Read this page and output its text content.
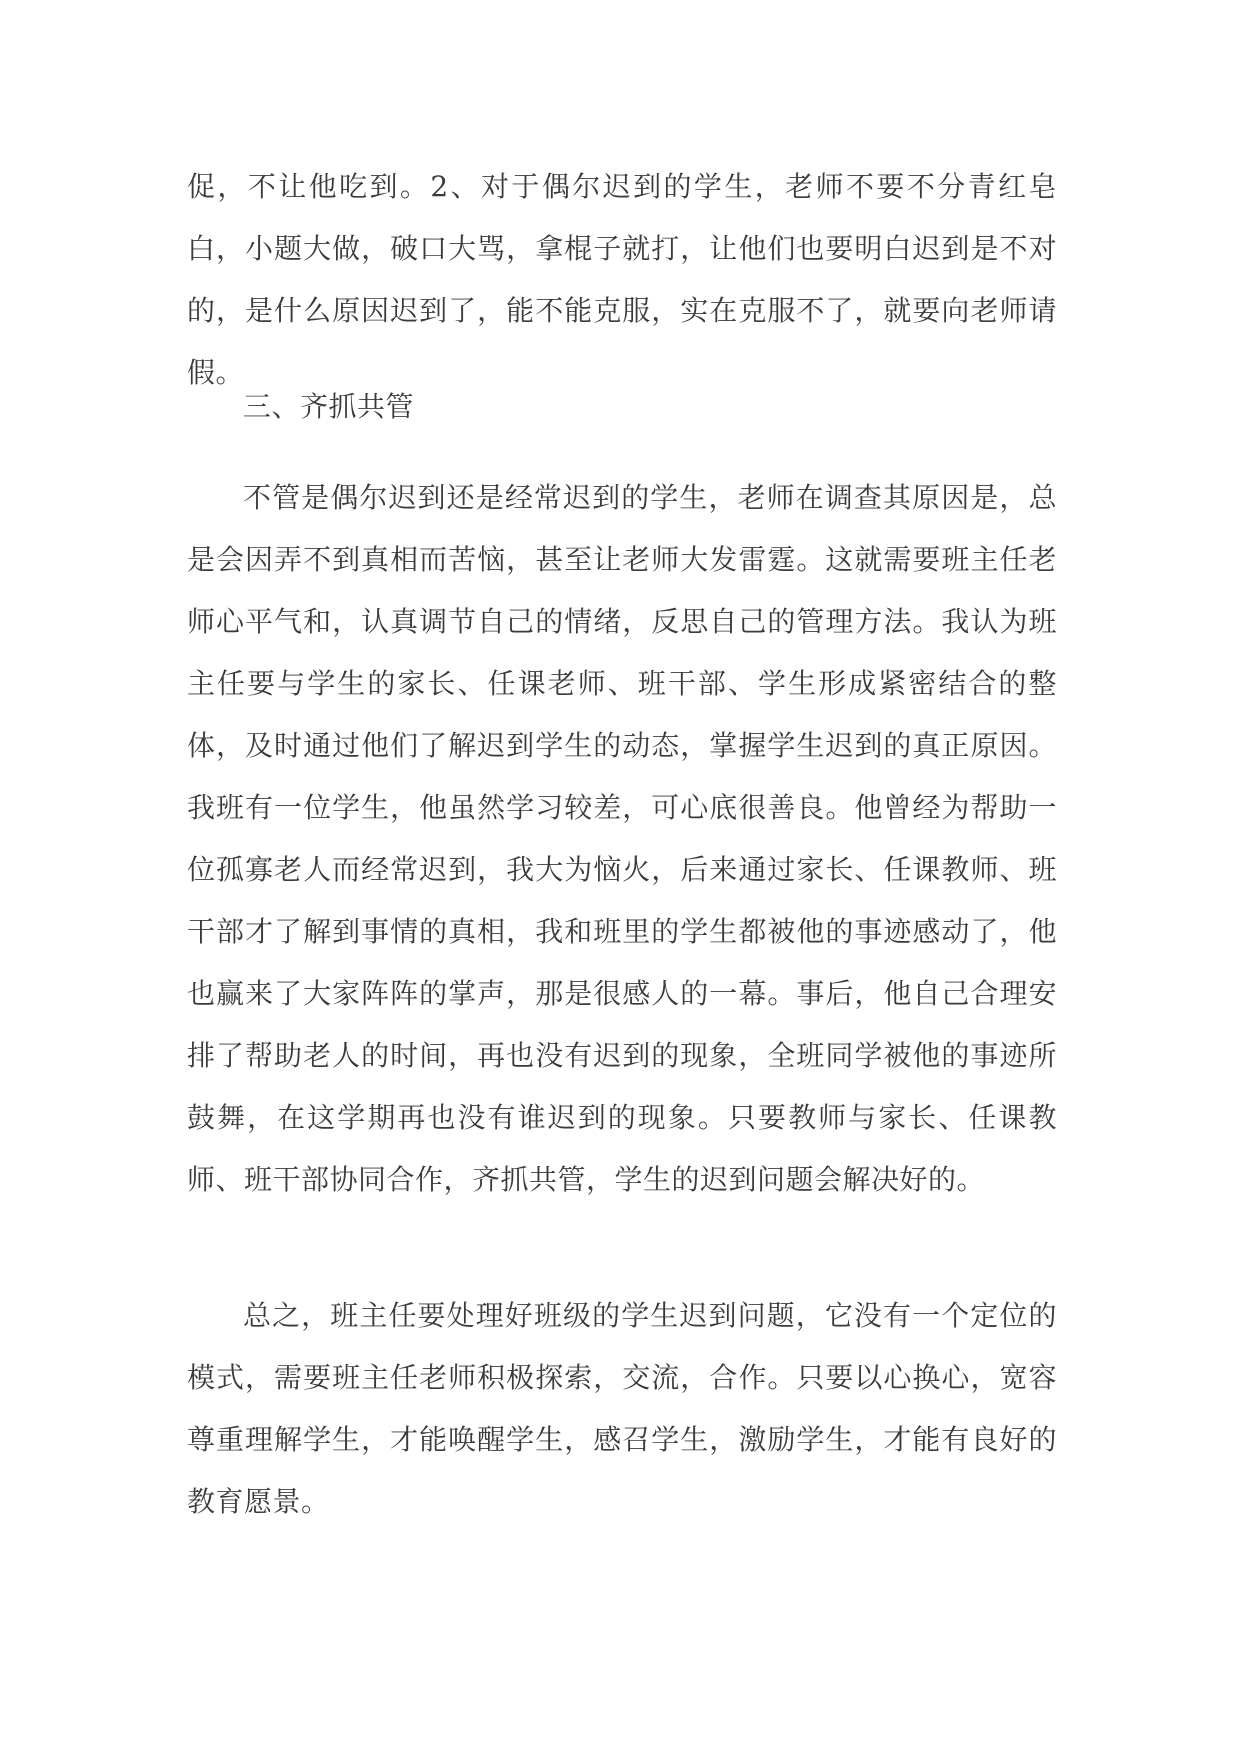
促，不让他吃到。2、对于偶尔迟到的学生，老师不要不分青红皂白，小题大做，破口大骂，拿棍子就打，让他们也要明白迟到是不对的，是什么原因迟到了，能不能克服，实在克服不了，就要向老师请假。
三、齐抓共管
不管是偶尔迟到还是经常迟到的学生，老师在调查其原因是，总是会因弄不到真相而苦恼，甚至让老师大发雷霆。这就需要班主任老师心平气和，认真调节自己的情绪，反思自己的管理方法。我认为班主任要与学生的家长、任课老师、班干部、学生形成紧密结合的整体，及时通过他们了解迟到学生的动态，掌握学生迟到的真正原因。我班有一位学生，他虽然学习较差，可心底很善良。他曾经为帮助一位孤寡老人而经常迟到，我大为恼火，后来通过家长、任课教师、班干部才了解到事情的真相，我和班里的学生都被他的事迹感动了，他也赢来了大家阵阵的掌声，那是很感人的一幕。事后，他自己合理安排了帮助老人的时间，再也没有迟到的现象，全班同学被他的事迹所鼓舞，在这学期再也没有谁迟到的现象。只要教师与家长、任课教师、班干部协同合作，齐抓共管，学生的迟到问题会解决好的。
总之，班主任要处理好班级的学生迟到问题，它没有一个定位的模式，需要班主任老师积极探索，交流，合作。只要以心换心，宽容尊重理解学生，才能唤醒学生，感召学生，激励学生，才能有良好的教育愿景。
